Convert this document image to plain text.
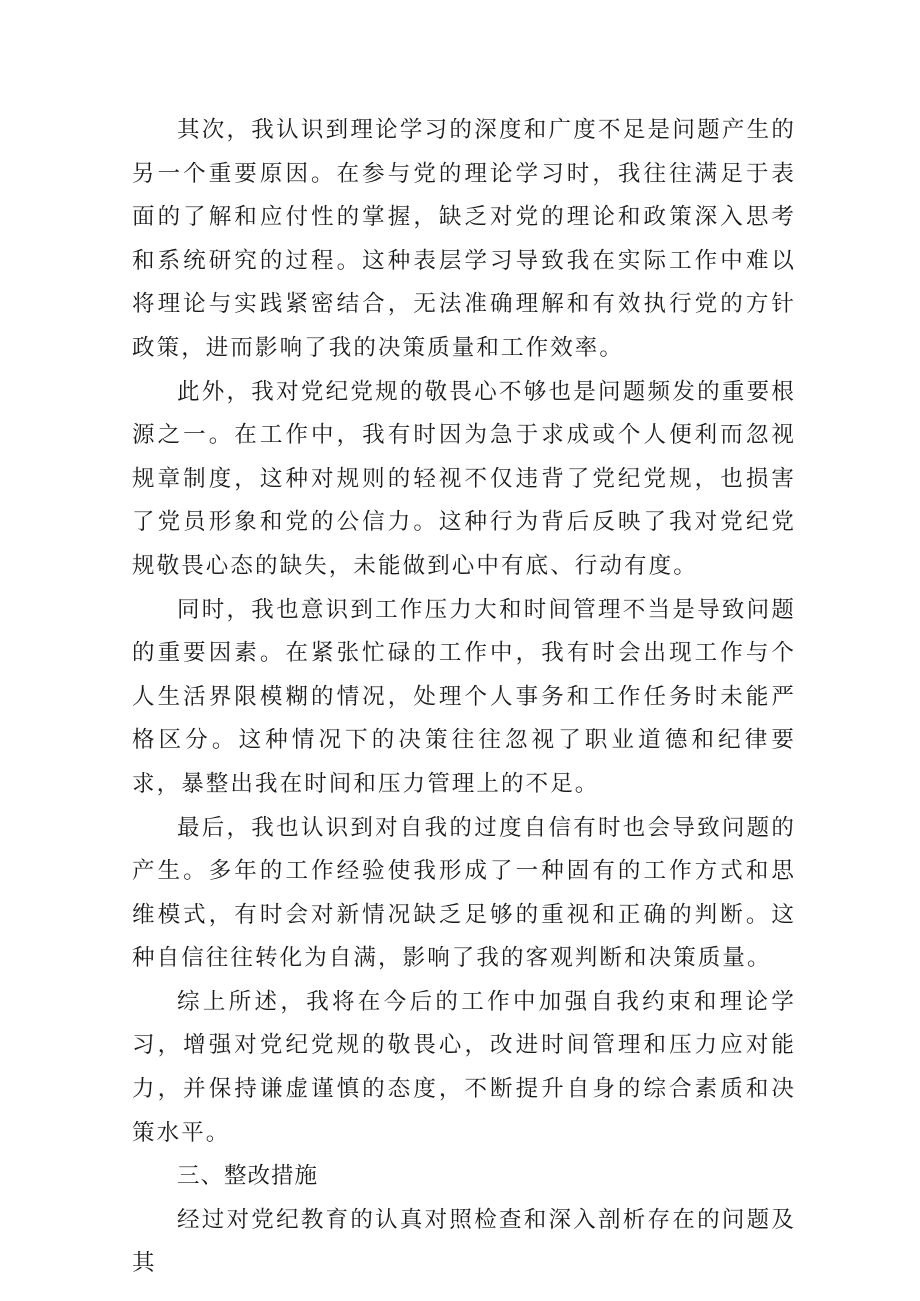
其次，我认识到理论学习的深度和广度不足是问题产生的另一个重要原因。在参与党的理论学习时，我往往满足于表面的了解和应付性的掌握，缺乏对党的理论和政策深入思考和系统研究的过程。这种表层学习导致我在实际工作中难以将理论与实践紧密结合，无法准确理解和有效执行党的方针政策，进而影响了我的决策质量和工作效率。

此外，我对党纪党规的敬畏心不够也是问题频发的重要根源之一。在工作中，我有时因为急于求成或个人便利而忽视规章制度，这种对规则的轻视不仅违背了党纪党规，也损害了党员形象和党的公信力。这种行为背后反映了我对党纪党规敬畏心态的缺失，未能做到心中有底、行动有度。

同时，我也意识到工作压力大和时间管理不当是导致问题的重要因素。在紧张忙碌的工作中，我有时会出现工作与个人生活界限模糊的情况，处理个人事务和工作任务时未能严格区分。这种情况下的决策往往忽视了职业道德和纪律要求，暴整出我在时间和压力管理上的不足。

最后，我也认识到对自我的过度自信有时也会导致问题的产生。多年的工作经验使我形成了一种固有的工作方式和思维模式，有时会对新情况缺乏足够的重视和正确的判断。这种自信往往转化为自满，影响了我的客观判断和决策质量。

综上所述，我将在今后的工作中加强自我约束和理论学习，增强对党纪党规的敬畏心，改进时间管理和压力应对能力，并保持谦虚谨慎的态度，不断提升自身的综合素质和决策水平。

三、整改措施

经过对党纪教育的认真对照检查和深入剖析存在的问题及其
